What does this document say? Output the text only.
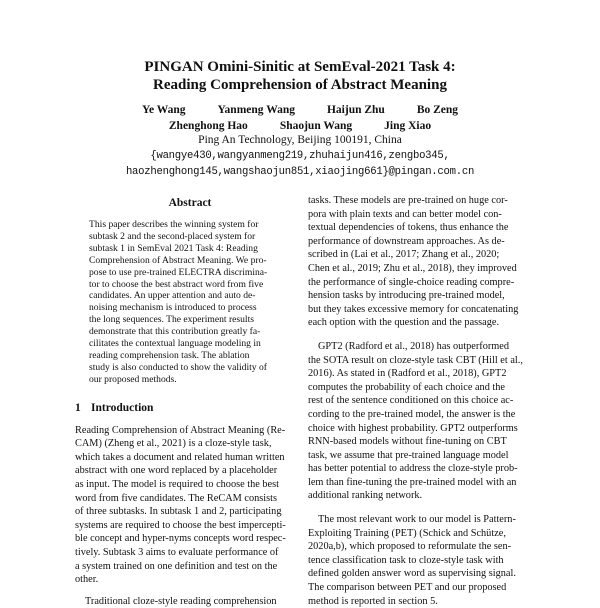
PINGAN Omini-Sinitic at SemEval-2021 Task 4:
Reading Comprehension of Abstract Meaning
Ye Wang	Yanmeng Wang	Haijun Zhu	Bo Zeng
Zhenghong Hao	Shaojun Wang	Jing Xiao
Ping An Technology, Beijing 100191, China
{wangye430,wangyanmeng219,zhuhaijun416,zengbo345,
haozhenghong145,wangshaojun851,xiaojing661}@pingan.com.cn
Abstract
This paper describes the winning system for
subtask 2 and the second-placed system for
subtask 1 in SemEval 2021 Task 4: Reading
Comprehension of Abstract Meaning. We pro-
pose to use pre-trained ELECTRA discrimina-
tor to choose the best abstract word from five
candidates. An upper attention and auto de-
noising mechanism is introduced to process
the long sequences. The experiment results
demonstrate that this contribution greatly fa-
cilitates the contextual language modeling in
reading comprehension task. The ablation
study is also conducted to show the validity of
our proposed methods.
1 Introduction
Reading Comprehension of Abstract Meaning (Re-
CAM) (Zheng et al., 2021) is a cloze-style task,
which takes a document and related human written
abstract with one word replaced by a placeholder
as input. The model is required to choose the best
word from five candidates. The ReCAM consists
of three subtasks. In subtask 1 and 2, participating
systems are required to choose the best impercepti-
ble concept and hyper-nyms concepts word respec-
tively. Subtask 3 aims to evaluate performance of
a system trained on one definition and test on the
other.
Traditional cloze-style reading comprehension
tasks. These models are pre-trained on huge cor-
pora with plain texts and can better model con-
textual dependencies of tokens, thus enhance the
performance of downstream approaches. As de-
scribed in (Lai et al., 2017; Zhang et al., 2020;
Chen et al., 2019; Zhu et al., 2018), they improved
the performance of single-choice reading compre-
hension tasks by introducing pre-trained model,
but they takes excessive memory for concatenating
each option with the question and the passage.
GPT2 (Radford et al., 2018) has outperformed
the SOTA result on cloze-style task CBT (Hill et al.,
2016). As stated in (Radford et al., 2018), GPT2
computes the probability of each choice and the
rest of the sentence conditioned on this choice ac-
cording to the pre-trained model, the answer is the
choice with highest probability. GPT2 outperforms
RNN-based models without fine-tuning on CBT
task, we assume that pre-trained language model
has better potential to address the cloze-style prob-
lem than fine-tuning the pre-trained model with an
additional ranking network.
The most relevant work to our model is Pattern-
Exploiting Training (PET) (Schick and Schütze,
2020a,b), which proposed to reformulate the sen-
tence classification task to cloze-style task with
defined golden answer word as supervising signal.
The comparison between PET and our proposed
method is reported in section 5.
